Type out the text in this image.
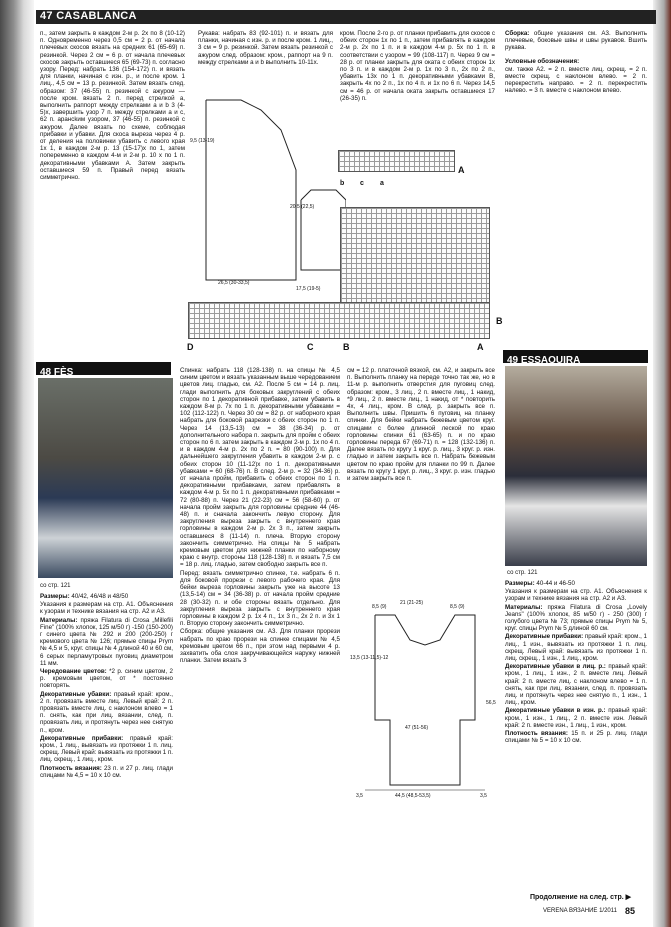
47 CASABLANCA

п., затем закрыть в каждом 2-м р. 2х по 8 (10-12) п. Одновременно через 0,5 см = 2 р. от начала плечевых скосов вязать на средних 61 (65-69) п. резинкой. Через 2 см = 6 р. от начала плечевых скосов закрыть оставшиеся 65 (69-73) п. согласно узору. Перед: набрать 136 (154-172) п. и вязать для планки, начиная с изн. р., и после кром. 1 лиц., 4,5 см = 13 р. резинкой. Затем вязать след. образом: 37 (46-55) п. резинкой с ажуром — после кром. вязать 2 п. перед стрелкой а, выполнить раппорт между стрелками а и b 3 (4-5)х, завершить узор 7 п. между стрелками а и с, 62 п. арансkим узором, 37 (46-55) п. резинкой с ажуром. Далее вязать по схеме, соблюдая прибавки и убавки. Для скоса выреза через 4 р. от деления на половинки убавить с левого края 1х 1, в каждом 2-м р. 13 (15-17)х по 1, затем попеременно в каждом 4-м и 2-м р. 10 х по 1 п. декоративными убавками А. Затем закрыть оставшиеся 59 п. Правый перед вязать симметрично.

Рукава: набрать 83 (92-101) п. и вязать для планки, начиная с изн. р. и после кром. 1 лиц., 3 см = 9 р. резинкой. Затем вязать резинкой с ажуром след. образом: кром., раппорт на 9 п. между стрелками а и b выполнить 10-11х.

кром. После 2-го р. от планки прибавить для скосов с обеих сторон 1х по 1 п., затем прибавлять в каждом 2-м р. 2х по 1 п. и в каждом 4-м р. 5х по 1 п. в соответствии с узором = 99 (108-117) п. Через 9 см = 28 р. от планки закрыть для оката с обеих сторон 1х по 3 п. и в каждом 2-м р. 1х по 3 п., 2х по 2 п., убавить 13х по 1 п. декоративными убавками В, закрыть 4х по 2 п., 1х по 4 п. и 1х по 6 п. Через 14,5 см = 46 р. от начала оката закрыть оставшиеся 17 (26-35) п.

Сборка: общие указания см. А3. Выполнить плечевые, боковые швы и швы рукавов. Вшить рукава.

Условные обозначения:

см. также А2. = 2 п. вместе лиц. скрещ. = 2 п. вместе скрещ. с наклоном влево. = 2 п. перекрестить направо. = 2 п. перекрестить налево. = 3 п. вместе с наклоном влево.

9,5 (13-19)
26,5 (30-33,5)
20,5 (22,5)
17,5 (19-5)
b c a
A
B
D	C	B	A
48 FÈS
со стр. 121

Размеры: 40/42, 46/48 и 48/50

Указания к размерам на стр. А1. Объяснения к узорам и технике вязания на стр. А2 и А3.

Материалы: пряжа Filatura di Crosa „Millefili Fine" (100% хлопок, 125 м/50 г) -150 (150-200) г синего цвета № 292 и 200 (200-250) г кремового цвета № 126; прямые спицы Prym № 4,5 и 5, круг. спицы № 4 длиной 40 и 60 см, 6 серых перламутровых пуговиц диаметром 11 мм.

Чередование цветов: *2 р. синим цветом, 2 р. кремовым цветом, от * постоянно повторять.

Декоративные убавки: правый край: кром., 2 п. провязать вместе лиц. Левый край: 2 п. провязать вместе лиц. с наклоном влево = 1 п. снять, как при лиц. вязании, след. п. провязать лиц. и протянуть через нее снятую п., кром.

Декоративные прибавки: правый край: кром., 1 лиц., вывязать из протяжки 1 п. лиц. скрещ. Левый край: вывязать из протяжки 1 п. лиц. скрещ., 1 лиц., кром.

Плотность вязания: 23 п. и 27 р. лиц. глади спицами № 4,5 = 10 х 10 см.

Спинка: набрать 118 (128-138) п. на спицы № 4,5 синим цветом и вязать указанным выше чередованием цветов лиц. гладью, см. А2. После 5 см = 14 р. лиц. глади выполнить для боковых закруглений с обеих сторон по 1 декоративной прибавке, затем убавить в каждом 8-м р. 7х по 1 п. декоративными убавками = 102 (112-122) п. Через 30 см = 82 р. от наборного края набрать для боковой разрезки с обеих сторон по 1 п. Через 14 (13,5-13) см = 38 (36-34) р. от дополнительного набора п. закрыть для пройм с обеих сторон по 6 п. затем закрыть в каждом 2-м р. 1х по 4 п. и в каждом 4-м р. 2х по 2 п. = 80 (90-100) п. Для дальнейшего закругления убавить в каждом 2-м р. с обеих сторон 10 (11-12)х по 1 п. декоративными убавками = 60 (68-76) п. В след. 2-м р. = 32 (34-36) р. от начала пройм, прибавить с обеих сторон по 1 п. декоративными прибавками, затем прибавлять в каждом 4-м р. 5х по 1 п. декоративными прибавками = 72 (80-88) п. Через 21 (22-23) см = 56 (58-60) р. от начала пройм закрыть для горловины средние 44 (46-48) п. и сначала закончить левую сторону. Для закругления выреза закрыть с внутреннего края горловины в каждом 2-м р. 2х 3 п., затем закрыть оставшиеся 8 (11-14) п. плеча. Вторую сторону закончить симметрично. На спицы № 5 набрать кремовым цветом для нижней планки по наборному краю с внутр. стороны 118 (128-138) п. и вязать 7,5 см = 18 р. лиц. гладью, затем свободно закрыть все п.

Перед: вязать симметрично спинке, т.е. набрать 6 п. для боковой прорези с левого рабочего края. Для бейки выреза горловины закрыть уже на высоте 13 (13,5-14) см = 34 (36-38) р. от начала пройм средние 28 (30-32) п. и обе стороны вязать отдельно. Для закругления выреза закрыть с внутреннего края горловины в каждом 2 р. 1х 4 п., 1х 3 п., 2х 2 п. и 3х 1 п. Вторую сторону закончить симметрично.

Сборка: общие указания см. А3. Для планки прорези набрать по краю прорези на спинке спицами № 4,5 кремовым цветом 66 п., при этом над первыми 4 р. захватить оба слоя закручивающейся наружу нижней планки. Затем вязать 3

см = 12 р. платочной вязкой, см. А2, и закрыть все п. Выполнить планку на переде точно так же, но в 11-м р. выполнить отверстия для пуговиц след. образом: кром., 3 лиц., 2 п. вместе лиц., 1 накид, *9 лиц., 2 п. вместе лиц., 1 накид, от * повторить 4х, 4 лиц., кром. В след. р. закрыть все п. Выполнить швы. Пришить 6 пуговиц на планку спинки. Для бейки набрать бежевым цветом круг. спицами с более длинной леской по краю горловины спинки 61 (63-65) п. и по краю горловины переда 67 (69-71) п. = 128 (132-136) п. Далее вязать по кругу 1 круг. р. лиц., 3 круг. р. изн. гладью и затем закрыть все п. Набрать бежевым цветом по краю пройм для планки по 99 п. Далее вязать по кругу 1 круг. р. лиц., 3 круг. р. изн. гладью и затем закрыть все п.

8,5 (9)
21 (21-25)
8,5 (9)
13,5 (13-11,5)-12
47 (51-56)
56,5
44,5 (48,5-53,5)
3,5	3,5
49 ESSAOUIRA
со стр. 121

Размеры: 40-44 и 46-50

Указания к размерам на стр. А1. Объяснения к узорам и технике вязания на стр. А2 и А3.

Материалы: пряжа Filatura di Crosa „Lovely Jeans" (100% хлопок, 85 м/50 г) - 250 (300) г голубого цвета № 73; прямые спицы Prym № 5, круг. спицы Prym № 5 длиной 60 см.

Декоративные прибавки: правый край: кром., 1 лиц., 1 изн., вывязать из протяжки 1 п. лиц. скрещ. Левый край: вывязать из протяжки 1 п. лиц. скрещ., 1 изн., 1 лиц., кром.

Декоративные убавки в лиц. р.: правый край: кром., 1 лиц., 1 изн., 2 п. вместе лиц. Левый край: 2 п. вместе лиц. с наклоном влево = 1 п. снять, как при лиц. вязании, след. п. провязать лиц. и протянуть через нее снятую п., 1 изн., 1 лиц., кром.

Декоративные убавки в изн. р.: правый край: кром., 1 изн., 1 лиц., 2 п. вместе изн. Левый край: 2 п. вместе изн., 1 лиц., 1 изн., кром.

Плотность вязания: 15 п. и 25 р. лиц. глади спицами № 5 = 10 х 10 см.

Продолжение на след. стр. ▶
VERENA ВЯЗАНИЕ 1/2011 85
